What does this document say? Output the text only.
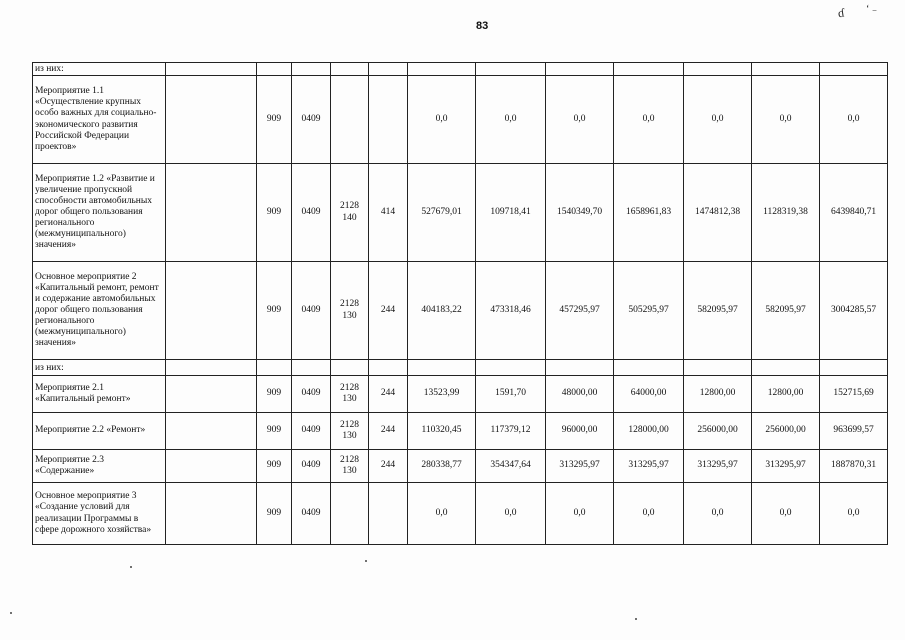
83
ɗ ʻ ₋
из них:												
Мероприятие 1.1 «Осуществление крупных особо важных для социально-экономического развития Российской Федерации проектов»		909	0409			0,0	0,0	0,0	0,0	0,0	0,0	0,0
Мероприятие 1.2 «Развитие и увеличение пропускной способности автомобильных дорог общего пользования регионального (межмуниципального) значения»		909	0409	2128 140	414	527679,01	109718,41	1540349,70	1658961,83	1474812,38	1128319,38	6439840,71
Основное мероприятие 2 «Капитальный ремонт, ремонт и содержание автомобильных дорог общего пользования регионального (межмуниципального) значения»		909	0409	2128 130	244	404183,22	473318,46	457295,97	505295,97	582095,97	582095,97	3004285,57
из них:												
Мероприятие 2.1 «Капитальный ремонт»		909	0409	2128 130	244	13523,99	1591,70	48000,00	64000,00	12800,00	12800,00	152715,69
Мероприятие 2.2 «Ремонт»		909	0409	2128 130	244	110320,45	117379,12	96000,00	128000,00	256000,00	256000,00	963699,57
Мероприятие 2.3 «Содержание»		909	0409	2128 130	244	280338,77	354347,64	313295,97	313295,97	313295,97	313295,97	1887870,31
Основное мероприятие 3 «Создание условий для реализации Программы в сфере дорожного хозяйства»		909	0409			0,0	0,0	0,0	0,0	0,0	0,0	0,0
